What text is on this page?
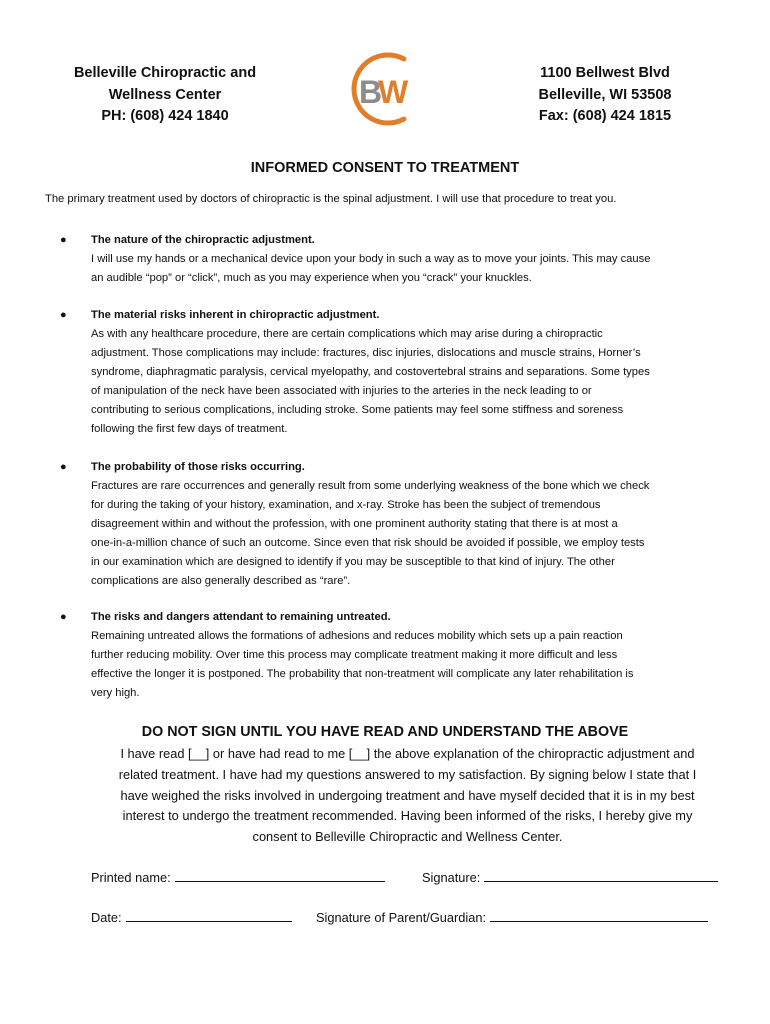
Belleville Chiropractic and
Wellness Center
PH: (608) 424 1840
B
W
1100 Bellwest Blvd
Belleville, WI 53508
Fax: (608) 424 1815
INFORMED CONSENT TO TREATMENT
The primary treatment used by doctors of chiropractic is the spinal adjustment. I will use that procedure to treat you.
● The nature of the chiropractic adjustment.
I will use my hands or a mechanical device upon your body in such a way as to move your joints. This may cause
an audible “pop” or “click”, much as you may experience when you “crack” your knuckles.
● The material risks inherent in chiropractic adjustment.
As with any healthcare procedure, there are certain complications which may arise during a chiropractic
adjustment. Those complications may include: fractures, disc injuries, dislocations and muscle strains, Horner’s
syndrome, diaphragmatic paralysis, cervical myelopathy, and costovertebral strains and separations. Some types
of manipulation of the neck have been associated with injuries to the arteries in the neck leading to or
contributing to serious complications, including stroke. Some patients may feel some stiffness and soreness
following the first few days of treatment.
● The probability of those risks occurring.
Fractures are rare occurrences and generally result from some underlying weakness of the bone which we check
for during the taking of your history, examination, and x-ray. Stroke has been the subject of tremendous
disagreement within and without the profession, with one prominent authority stating that there is at most a
one-in-a-million chance of such an outcome. Since even that risk should be avoided if possible, we employ tests
in our examination which are designed to identify if you may be susceptible to that kind of injury. The other
complications are also generally described as “rare”.
● The risks and dangers attendant to remaining untreated.
Remaining untreated allows the formations of adhesions and reduces mobility which sets up a pain reaction
further reducing mobility. Over time this process may complicate treatment making it more difficult and less
effective the longer it is postponed. The probability that non-treatment will complicate any later rehabilitation is
very high.
DO NOT SIGN UNTIL YOU HAVE READ AND UNDERSTAND THE ABOVE
I have read [__] or have had read to me [__] the above explanation of the chiropractic adjustment and
related treatment. I have had my questions answered to my satisfaction. By signing below I state that I
have weighed the risks involved in undergoing treatment and have myself decided that it is in my best
interest to undergo the treatment recommended. Having been informed of the risks, I hereby give my
consent to Belleville Chiropractic and Wellness Center.
Printed name:	Signature:
Date:	Signature of Parent/Guardian:
